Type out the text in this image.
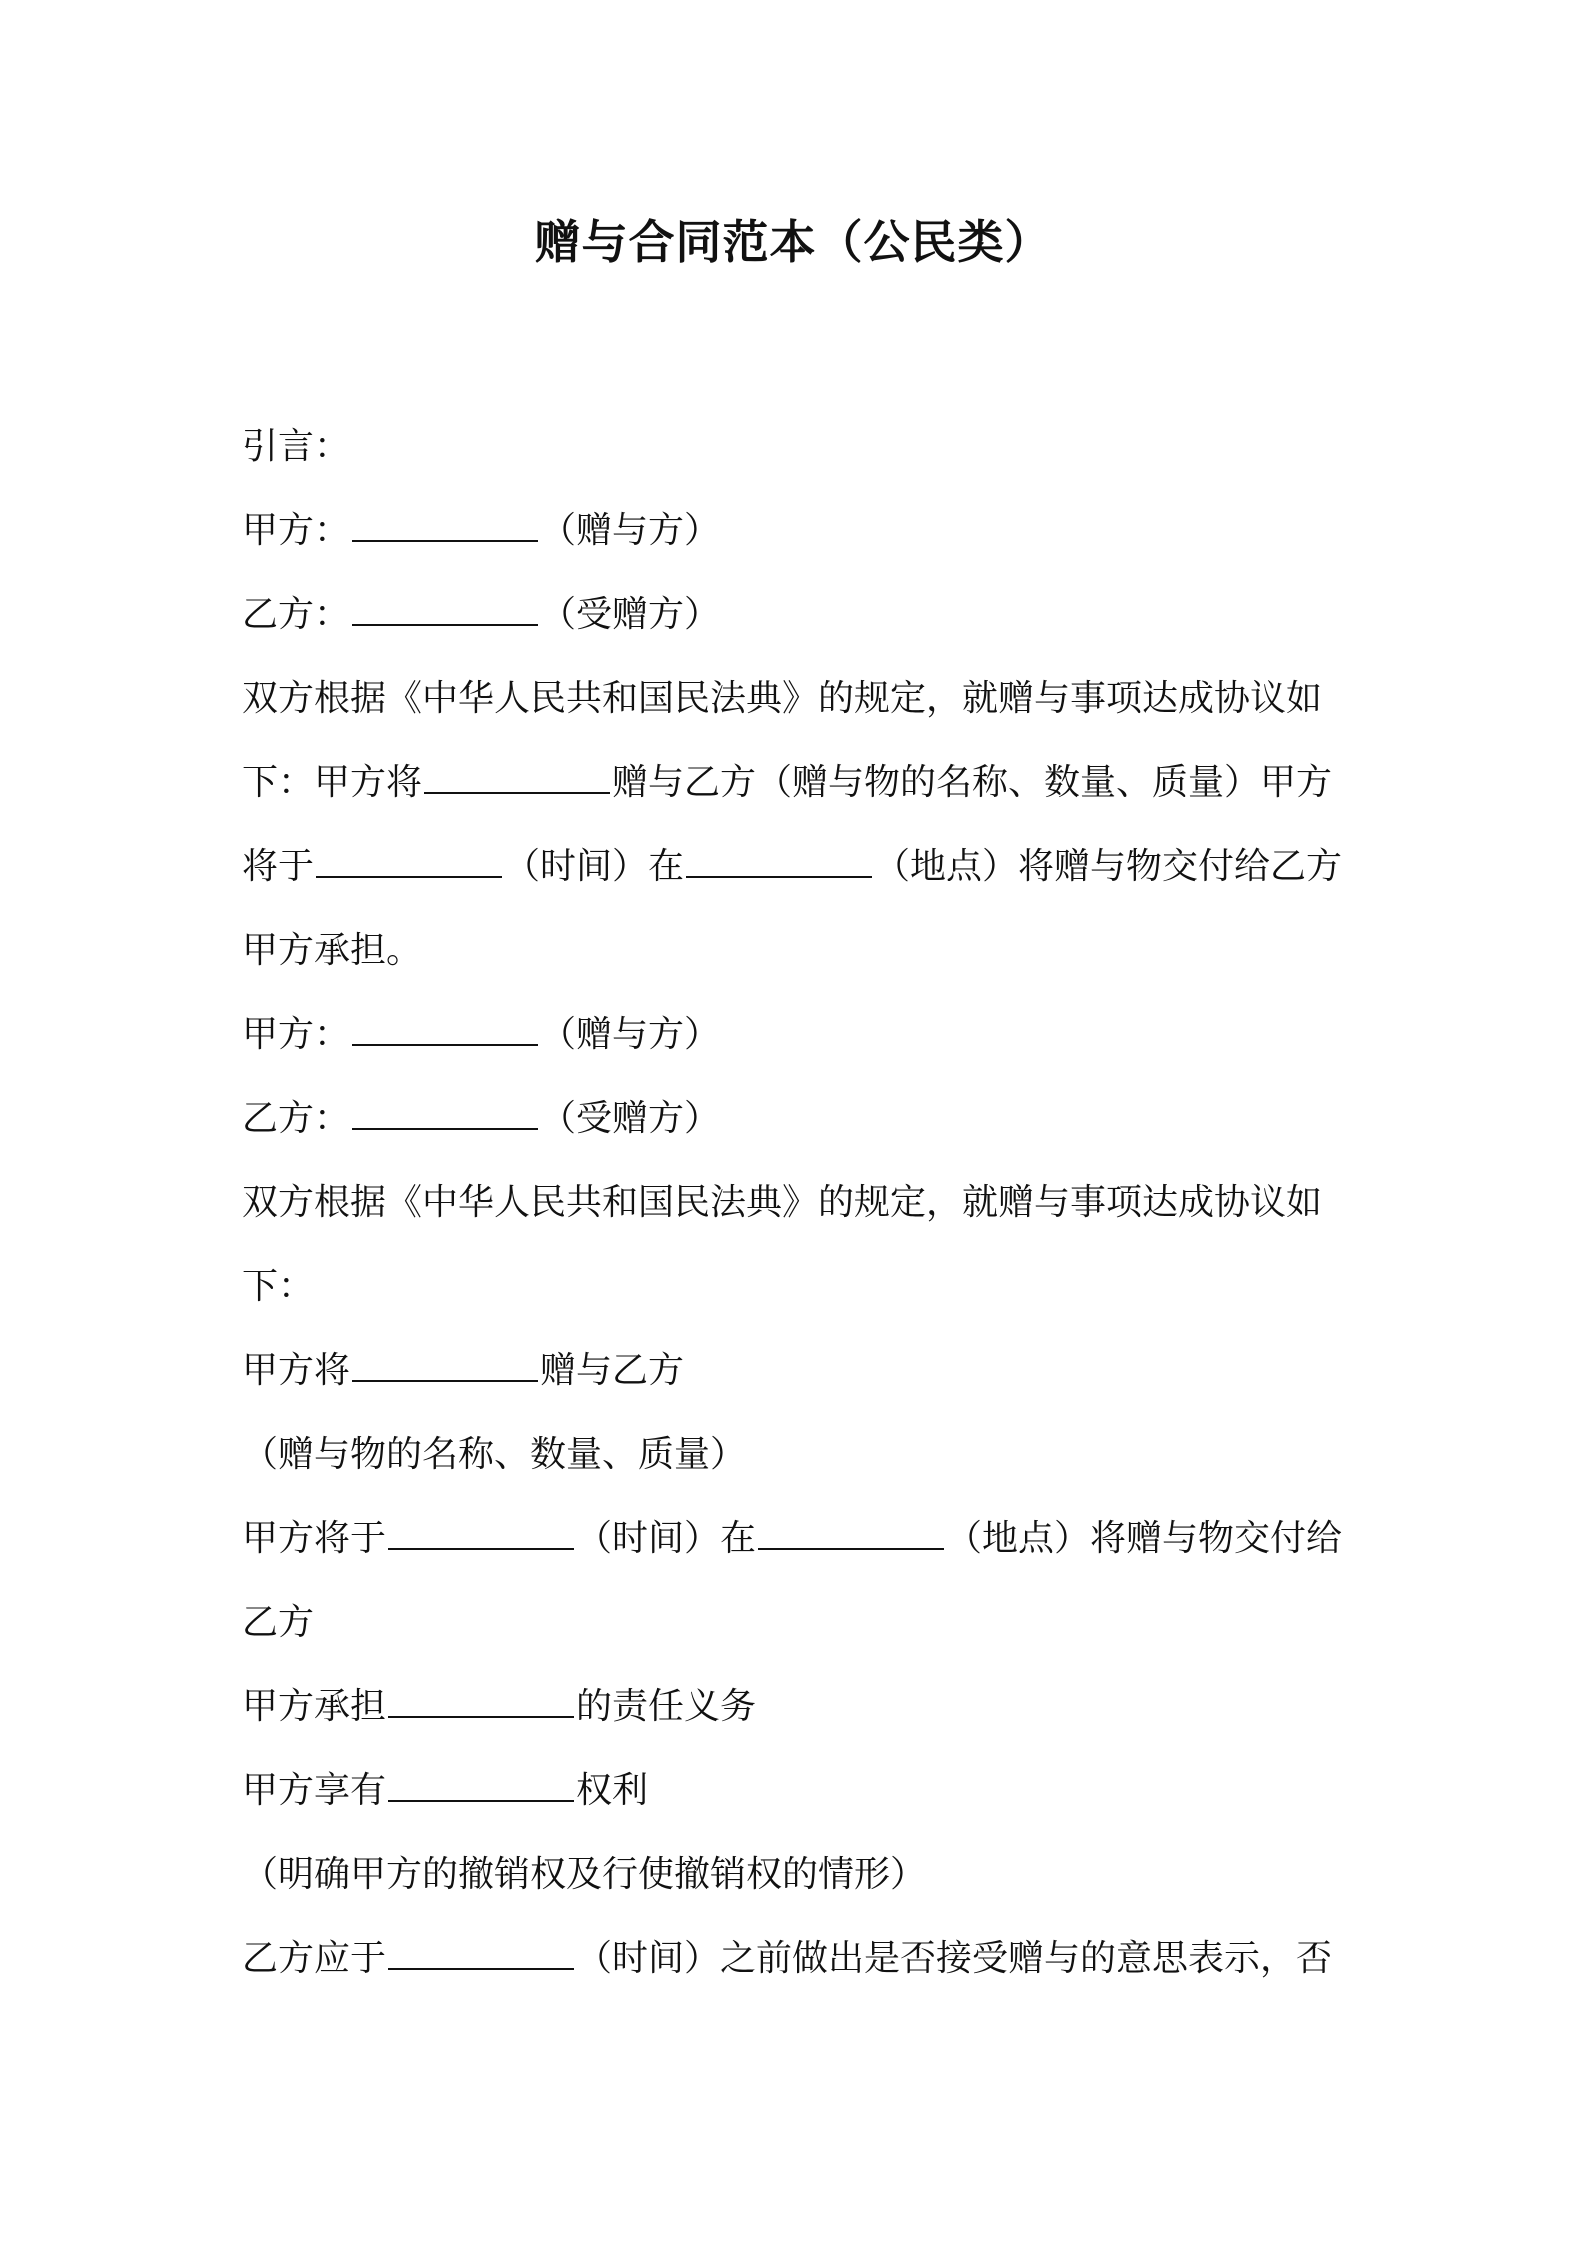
赠与合同范本（公民类）
引言：
甲方：	（赠与方）
乙方：	（受赠方）
双方根据《中华人民共和国民法典》的规定，就赠与事项达成协议如
下：甲方将	赠与乙方（赠与物的名称、数量、质量）甲方
将于	（时间）在	（地点）将赠与物交付给乙方
甲方承担。
甲方：	（赠与方）
乙方：	（受赠方）
双方根据《中华人民共和国民法典》的规定，就赠与事项达成协议如
下：
甲方将	赠与乙方
（赠与物的名称、数量、质量）
甲方将于	（时间）在	（地点）将赠与物交付给
乙方
甲方承担	的责任义务
甲方享有	权利
（明确甲方的撤销权及行使撤销权的情形）
乙方应于	（时间）之前做出是否接受赠与的意思表示，否
